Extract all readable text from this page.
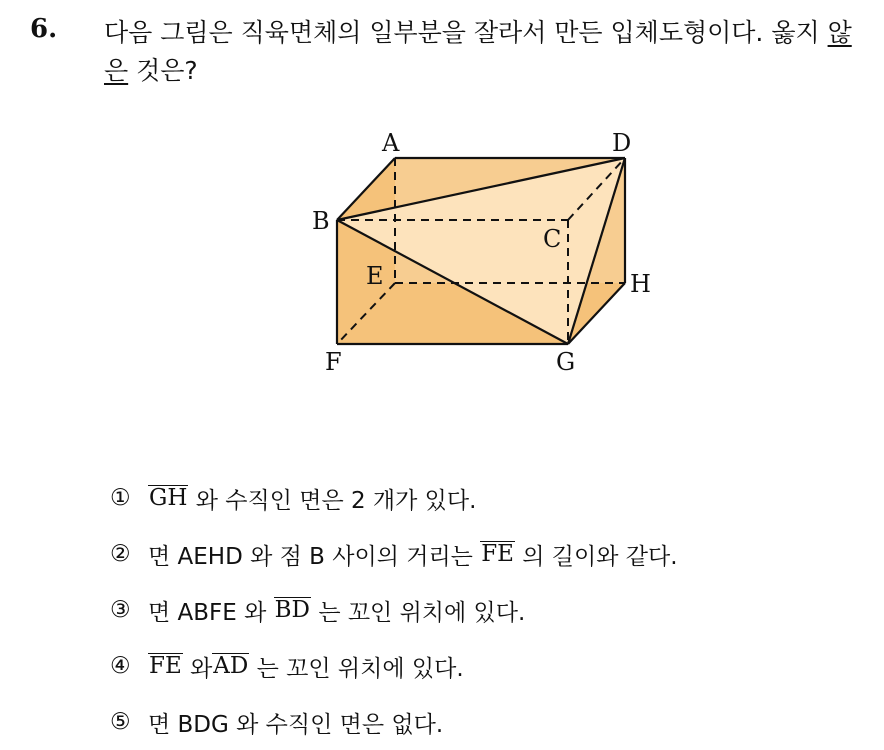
6. 다음 그림은 직육면체의 일부분을 잘라서 만든 입체도형이다. 옳지 않은 것은?
A
B
C
D
E
F	G
H
① GH
와 수직인 면은 2 개가 있다.
② 면 AEHD 와 점 B 사이의 거리는
FE
의 길이와 같다.
③ 면 ABFE 와
BD
는 꼬인 위치에 있다.
④ FE
와 AD
는 꼬인 위치에 있다.
⑤ 면 BDG 와 수직인 면은 없다.
